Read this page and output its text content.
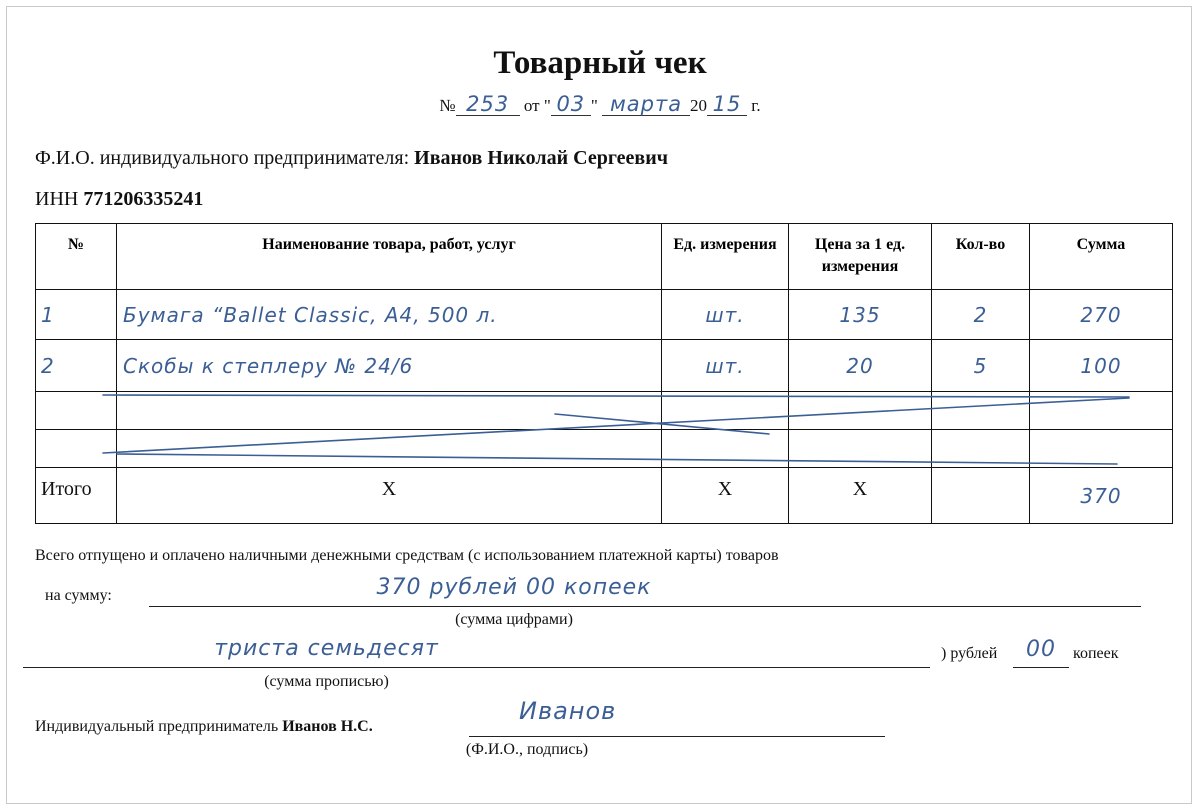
Товарный чек
№ 253 от " 03 " марта 20 15 г.
Ф.И.О. индивидуального предпринимателя: Иванов Николай Сергеевич
ИНН 771206335241
№	Наименование товара, работ, услуг	Ед. измерения	Цена за 1 ед. измерения	Кол-во	Сумма
1	Бумага “Ballet Classic, А4, 500 л.	шт.	135	2	270
2	Скобы к степлеру № 24/6	шт.	20	5	100

Итого	X	X	X		370
Всего отпущено и оплачено наличными денежными средствам (с использованием платежной карты) товаров
на сумму:	370 рублей 00 копеек
(сумма цифрами)
триста семьдесят	) рублей	00	копеек
(сумма прописью)
Индивидуальный предприниматель Иванов Н.С.
Иванов
(Ф.И.О., подпись)
